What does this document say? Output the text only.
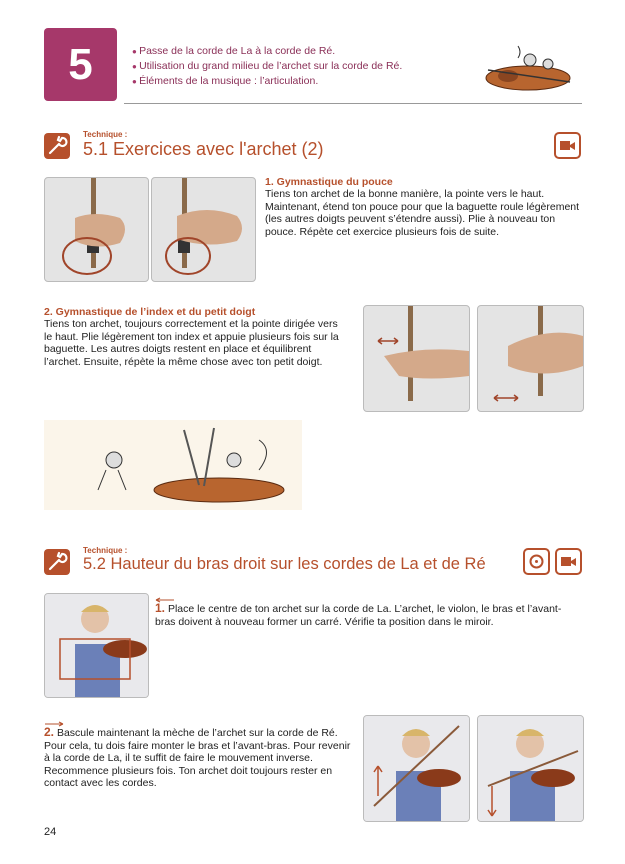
5
●	Passe de la corde de La à la corde de Ré.
● Utilisation du grand milieu de l’archet sur la corde de Ré.
● Éléments de la musique : l’articulation.
Technique :
5.1 Exercices avec l'archet (2)
1. Gymnastique du pouce
Tiens ton archet de la bonne manière, la pointe vers le haut. Maintenant, étend ton pouce pour que la baguette roule légèrement (les autres doigts peuvent s’étendre aussi). Plie à nouveau ton pouce. Répète cet exercice plusieurs fois de suite.
2. Gymnastique de l’index et du petit doigt
Tiens ton archet, toujours correctement et la pointe dirigée vers le haut. Plie légèrement ton index et appuie plusieurs fois sur la baguette. Les autres doigts restent en place et équilibrent l’archet. Ensuite, répète la même chose avec ton petit doigt.
Technique :
5.2 Hauteur du bras droit sur les cordes de La et de Ré
1. Place le centre de ton archet sur la corde de La. L’archet, le violon, le bras et l’avant-bras doivent à nouveau former un carré. Vérifie ta position dans le miroir.
2. Bascule maintenant la mèche de l’archet sur la corde de Ré. Pour cela, tu dois faire monter le bras et l’avant-bras. Pour revenir à la corde de La, il te suffit de faire le mouvement inverse. Recommence plusieurs fois. Ton archet doit toujours rester en contact avec les cordes.
24
